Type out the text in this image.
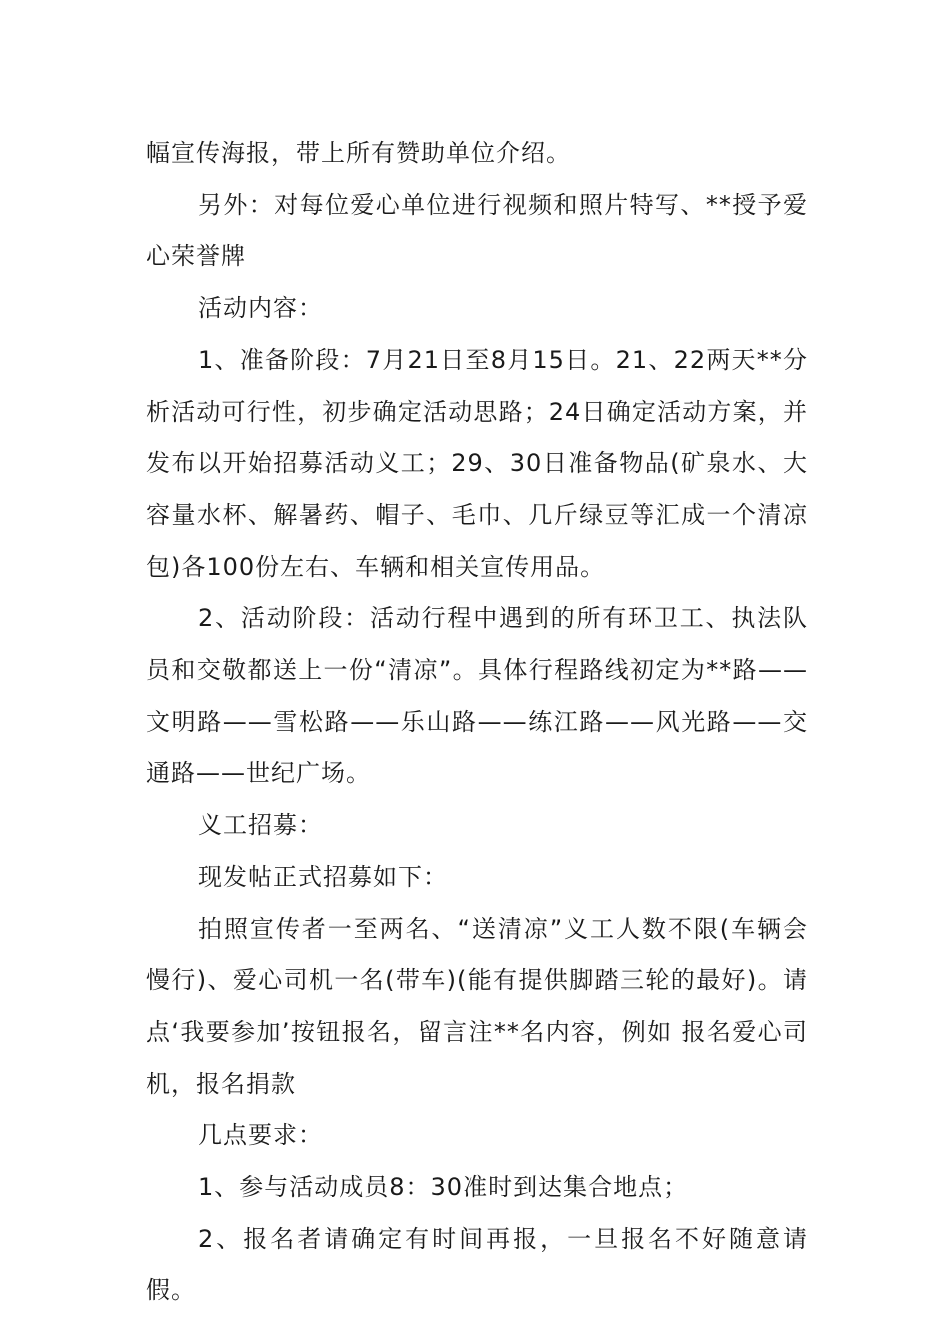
幅宣传海报，带上所有赞助单位介绍。

另外：对每位爱心单位进行视频和照片特写、**授予爱心荣誉牌

活动内容：

1、准备阶段：7月21日至8月15日。21、22两天**分析活动可行性，初步确定活动思路；24日确定活动方案，并发布以开始招募活动义工；29、30日准备物品(矿泉水、大容量水杯、解暑药、帽子、毛巾、几斤绿豆等汇成一个清凉包)各100份左右、车辆和相关宣传用品。

2、活动阶段：活动行程中遇到的所有环卫工、执法队员和交敬都送上一份“清凉”。具体行程路线初定为**路——文明路——雪松路——乐山路——练江路——风光路——交通路——世纪广场。

义工招募：

现发帖正式招募如下：

拍照宣传者一至两名、“送清凉”义工人数不限(车辆会慢行)、爱心司机一名(带车)(能有提供脚踏三轮的最好)。请点‘我要参加’按钮报名，留言注**名内容，例如 报名爱心司机，报名捐款

几点要求：

1、参与活动成员8：30准时到达集合地点；

2、报名者请确定有时间再报，一旦报名不好随意请假。
